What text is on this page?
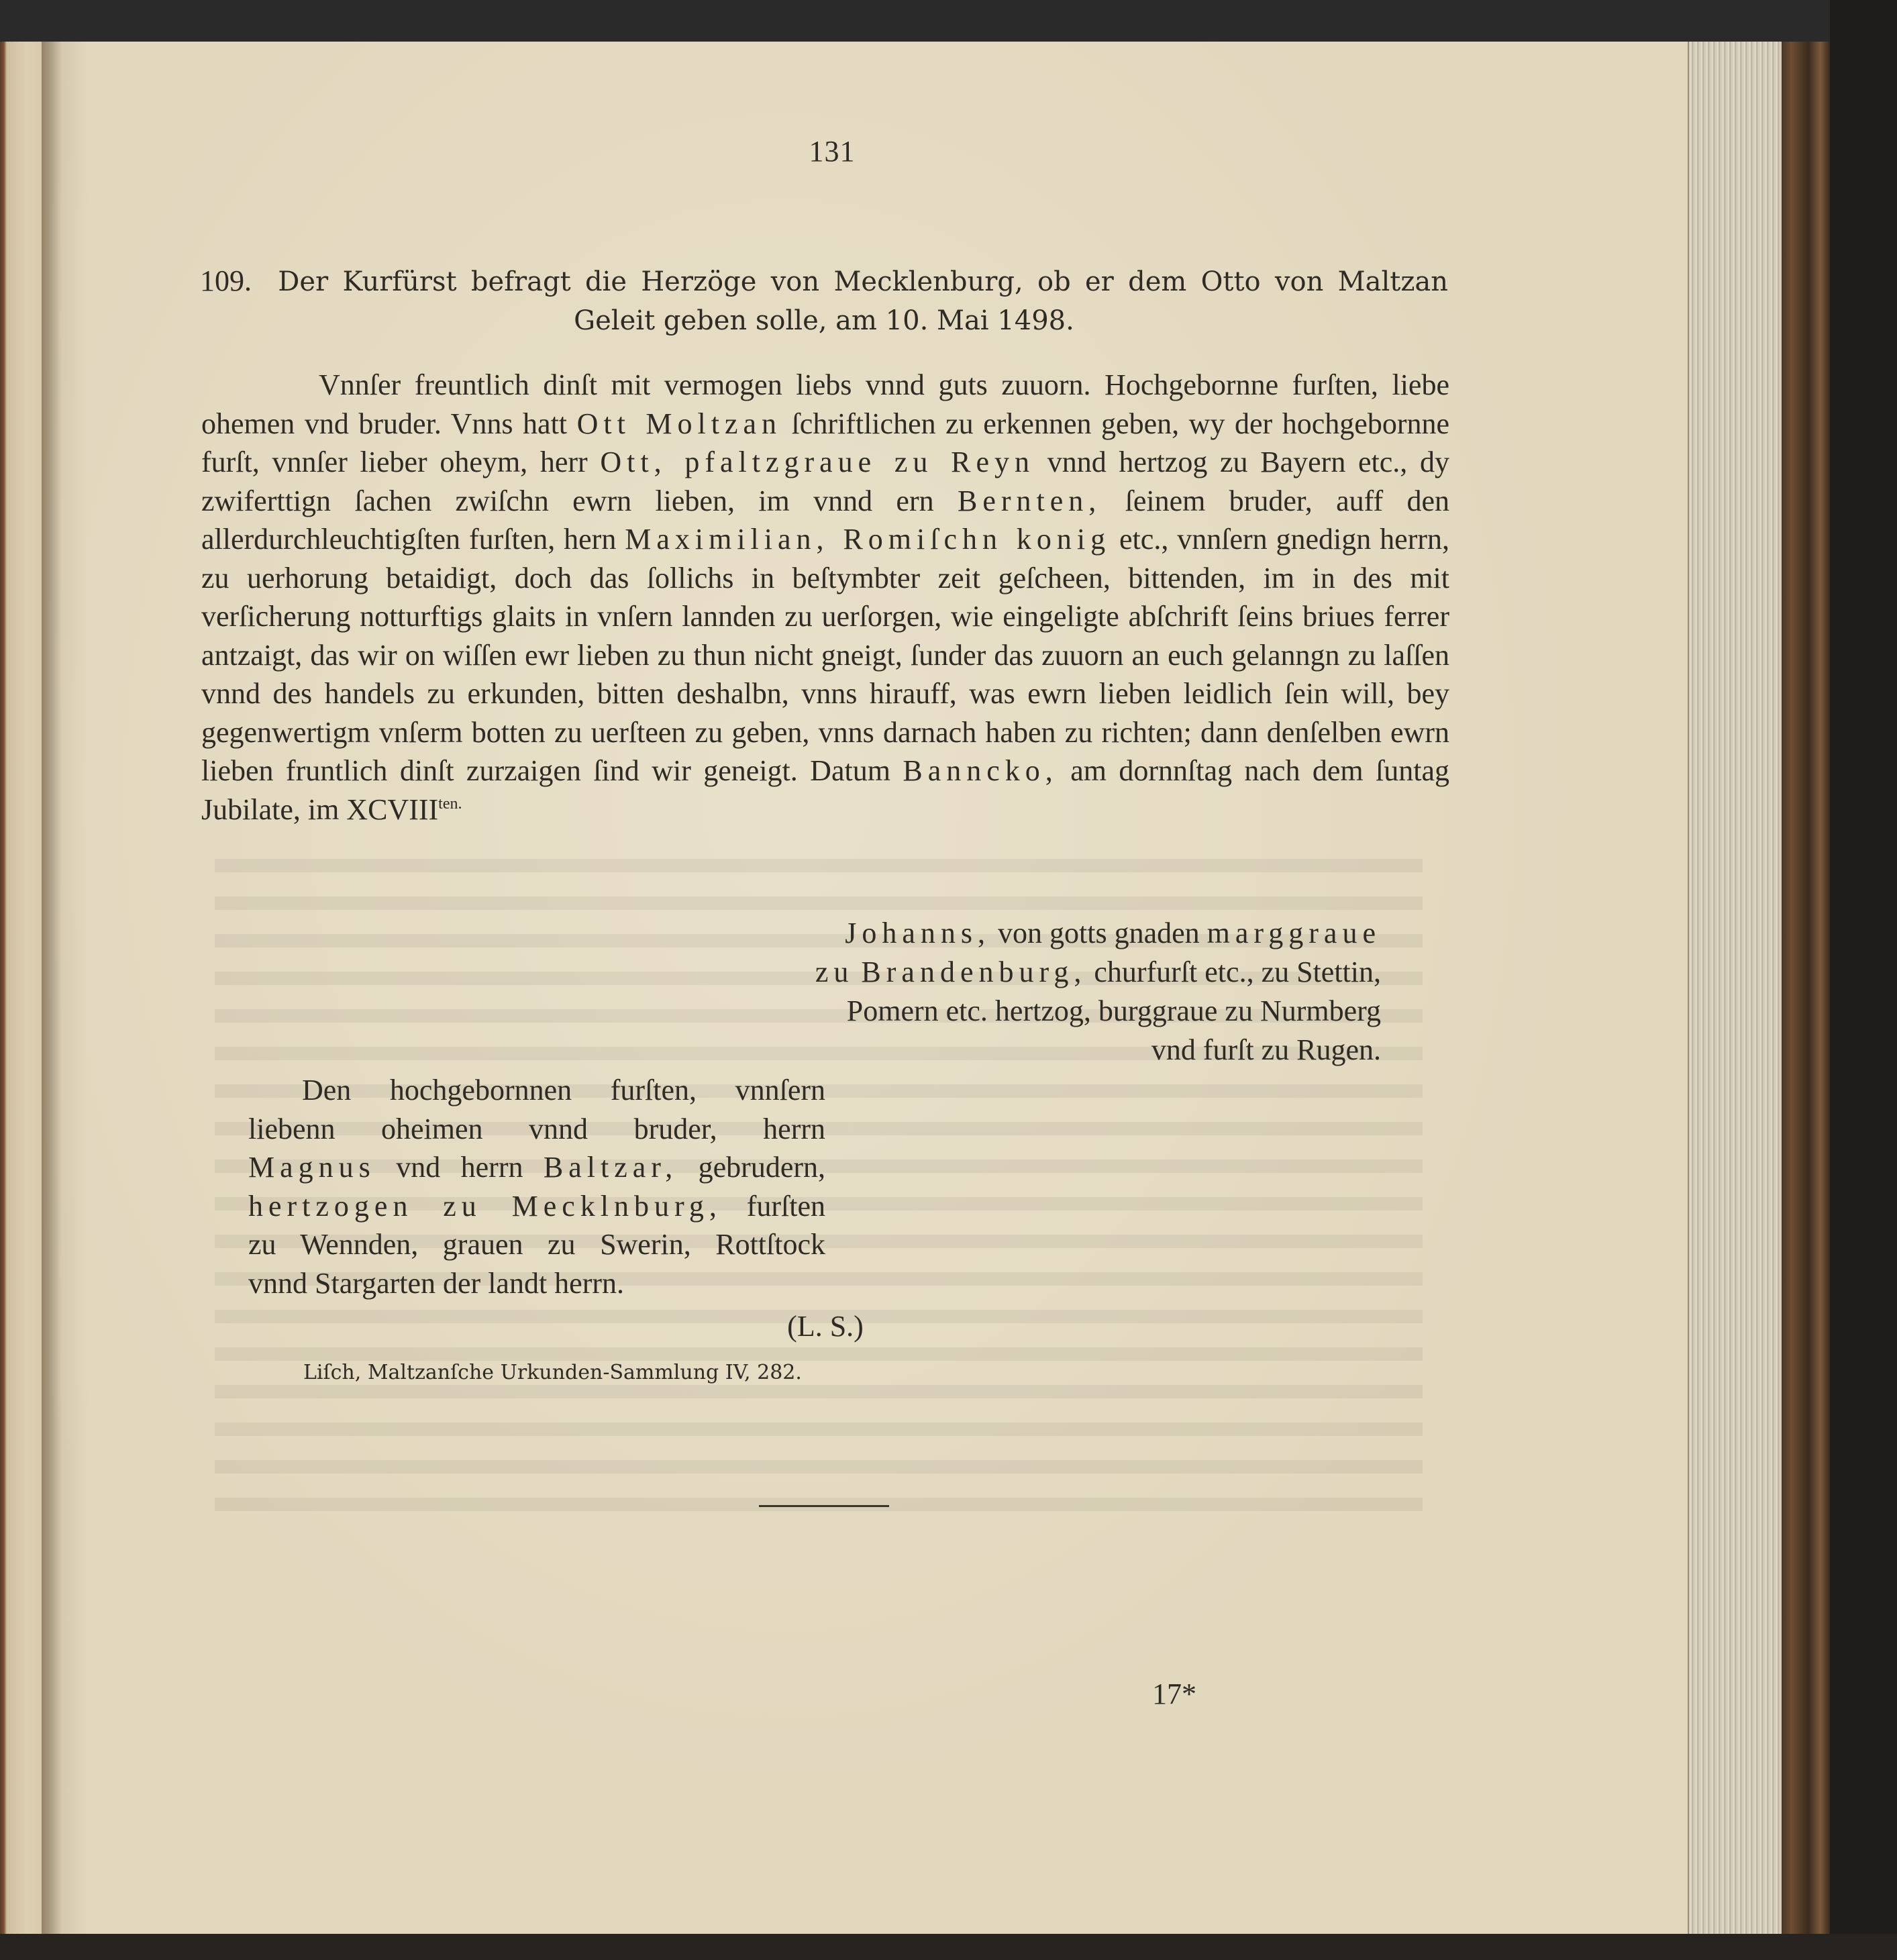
131
109. Der Kurfürst befragt die Herzöge von Mecklenburg, ob er dem Otto von Maltzan Geleit geben solle, am 10. Mai 1498.
Vnnſer freuntlich dinſt mit vermogen liebs vnnd guts zuuorn. Hochgebornne furſten, liebe ohemen vnd bruder. Vnns hatt Ott Moltzan ſchriftlichen zu erkennen geben, wy der hochgebornne furſt, vnnſer lieber oheym, herr Ott, pfaltzgraue zu Reyn vnnd hertzog zu Bayern etc., dy zwiferttign ſachen zwiſchn ewrn lieben, im vnnd ern Bernten, ſeinem bruder, auff den allerdurchleuchtigſten furſten, hern Maximilian, Romiſchn konig etc., vnnſern gnedign herrn, zu uerhorung betaidigt, doch das ſollichs in beſtymbter zeit geſcheen, bittenden, im in des mit verſicherung notturftigs glaits in vnſern lannden zu uerſorgen, wie eingeligte abſchrift ſeins briues ferrer antzaigt, das wir on wiſſen ewr lieben zu thun nicht gneigt, ſunder das zuuorn an euch gelanngn zu laſſen vnnd des handels zu erkunden, bitten deshalbn, vnns hirauff, was ewrn lieben leidlich ſein will, bey gegenwertigm vnſerm botten zu uerſteen zu geben, vnns darnach haben zu richten; dann denſelben ewrn lieben fruntlich dinſt zurzaigen ſind wir geneigt. Datum Bannckо, am dornnſtag nach dem ſuntag Jubilate, im $XCVIII^{ten.}$
Johanns, von gotts gnaden marggraue
zu Brandenburg, churfurſt etc., zu Stettin,
Pomern etc. hertzog, burggraue zu Nurmberg
vnd furſt zu Rugen.
Den hochgebornnen furſten, vnnſern
liebenn oheimen vnnd bruder, herrn
Magnus vnd herrn Baltzar, gebrudern,
hertzogen zu Mecklnburg, furſten
zu Wennden, grauen zu Swerin, Rottſtock
vnnd Stargarten der landt herrn.
(L. S.)
Liſch, Maltzanſche Urkunden-Sammlung IV, 282.
17*
